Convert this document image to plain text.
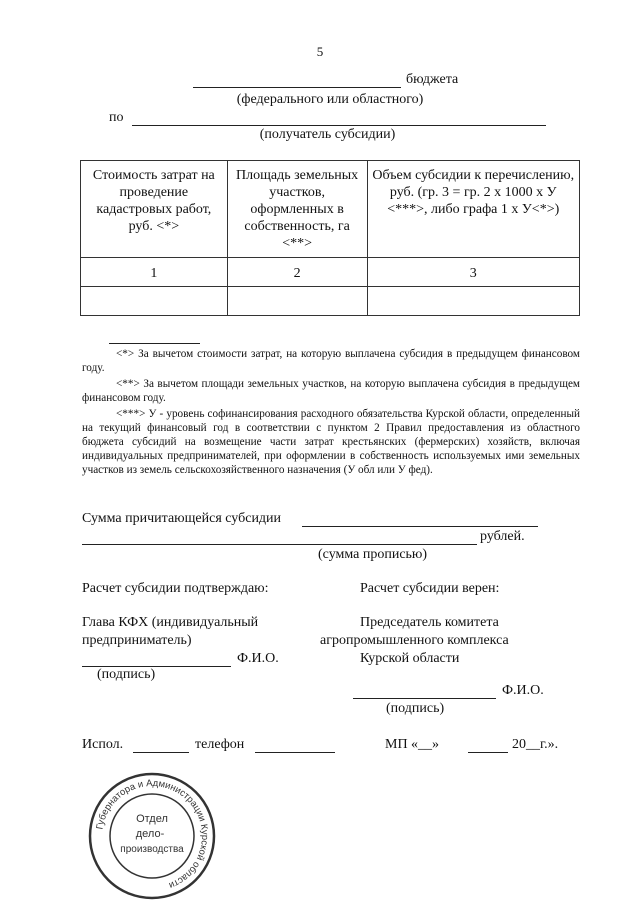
5
бюджета
(федерального или областного)
по
(получатель субсидии)
Стоимость затрат на проведение кадастровых работ, руб. <*>	Площадь земельных участков, оформленных в собственность, га <**>	Объем субсидии к перечислению, руб. (гр. 3 = гр. 2 x 1000 x У <***>, либо графа 1 x У<*>)
1	2	3

<*> За вычетом стоимости затрат, на которую выплачена субсидия в предыдущем финансовом году.
<**> За вычетом площади земельных участков, на которую выплачена субсидия в предыдущем финансовом году.
<***> У - уровень софинансирования расходного обязательства Курской области, определенный на текущий финансовый год в соответствии с пунктом 2 Правил предоставления из областного бюджета субсидий на возмещение части затрат крестьянских (фермерских) хозяйств, включая индивидуальных предпринимателей, при оформлении в собственность используемых ими земельных участков из земель сельскохозяйственного назначения (У обл или У фед).
Сумма причитающейся субсидии
рублей.
(сумма прописью)
Расчет субсидии подтверждаю:
Глава КФХ (индивидуальный
предприниматель)
Ф.И.О.
(подпись)
Расчет субсидии верен:
Председатель комитета
агропромышленного комплекса
Курской области
Ф.И.О.
(подпись)
Испол.	телефон	МП «__»	20__г.».
Губернатора и Администрации Курской области
Отдел
дело-
производства
